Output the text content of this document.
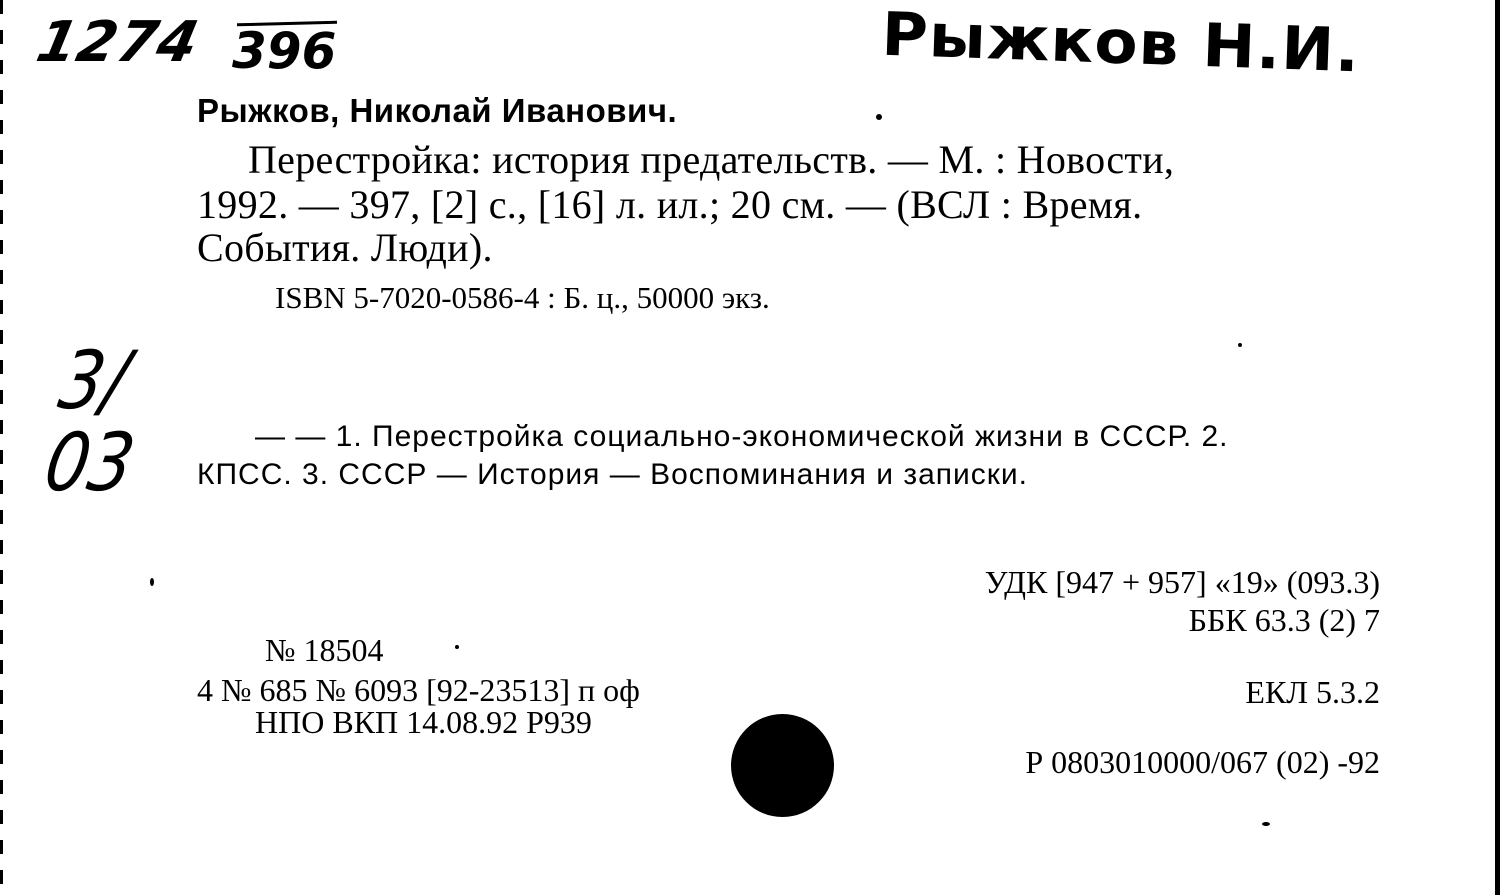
1274 396	Рыжков Н.И.
3/
03
Рыжков, Николай Иванович.
Перестройка: история предательств. — М. : Новости,
1992. — 397, [2] с., [16] л. ил.; 20 см. — (ВСЛ : Время.
События. Люди).
ISBN 5-7020-0586-4 : Б. ц., 50000 экз.
— — 1. Перестройка социально-экономической жизни в СССР. 2.
КПСС. 3. СССР — История — Воспоминания и записки.
УДК [947 + 957] «19» (093.3)
ББК 63.3 (2) 7
№ 18504
4 № 685 № 6093 [92-23513] п оф
НПО ВКП 14.08.92 Р939
ЕКЛ 5.3.2
Р 0803010000/067 (02) -92
